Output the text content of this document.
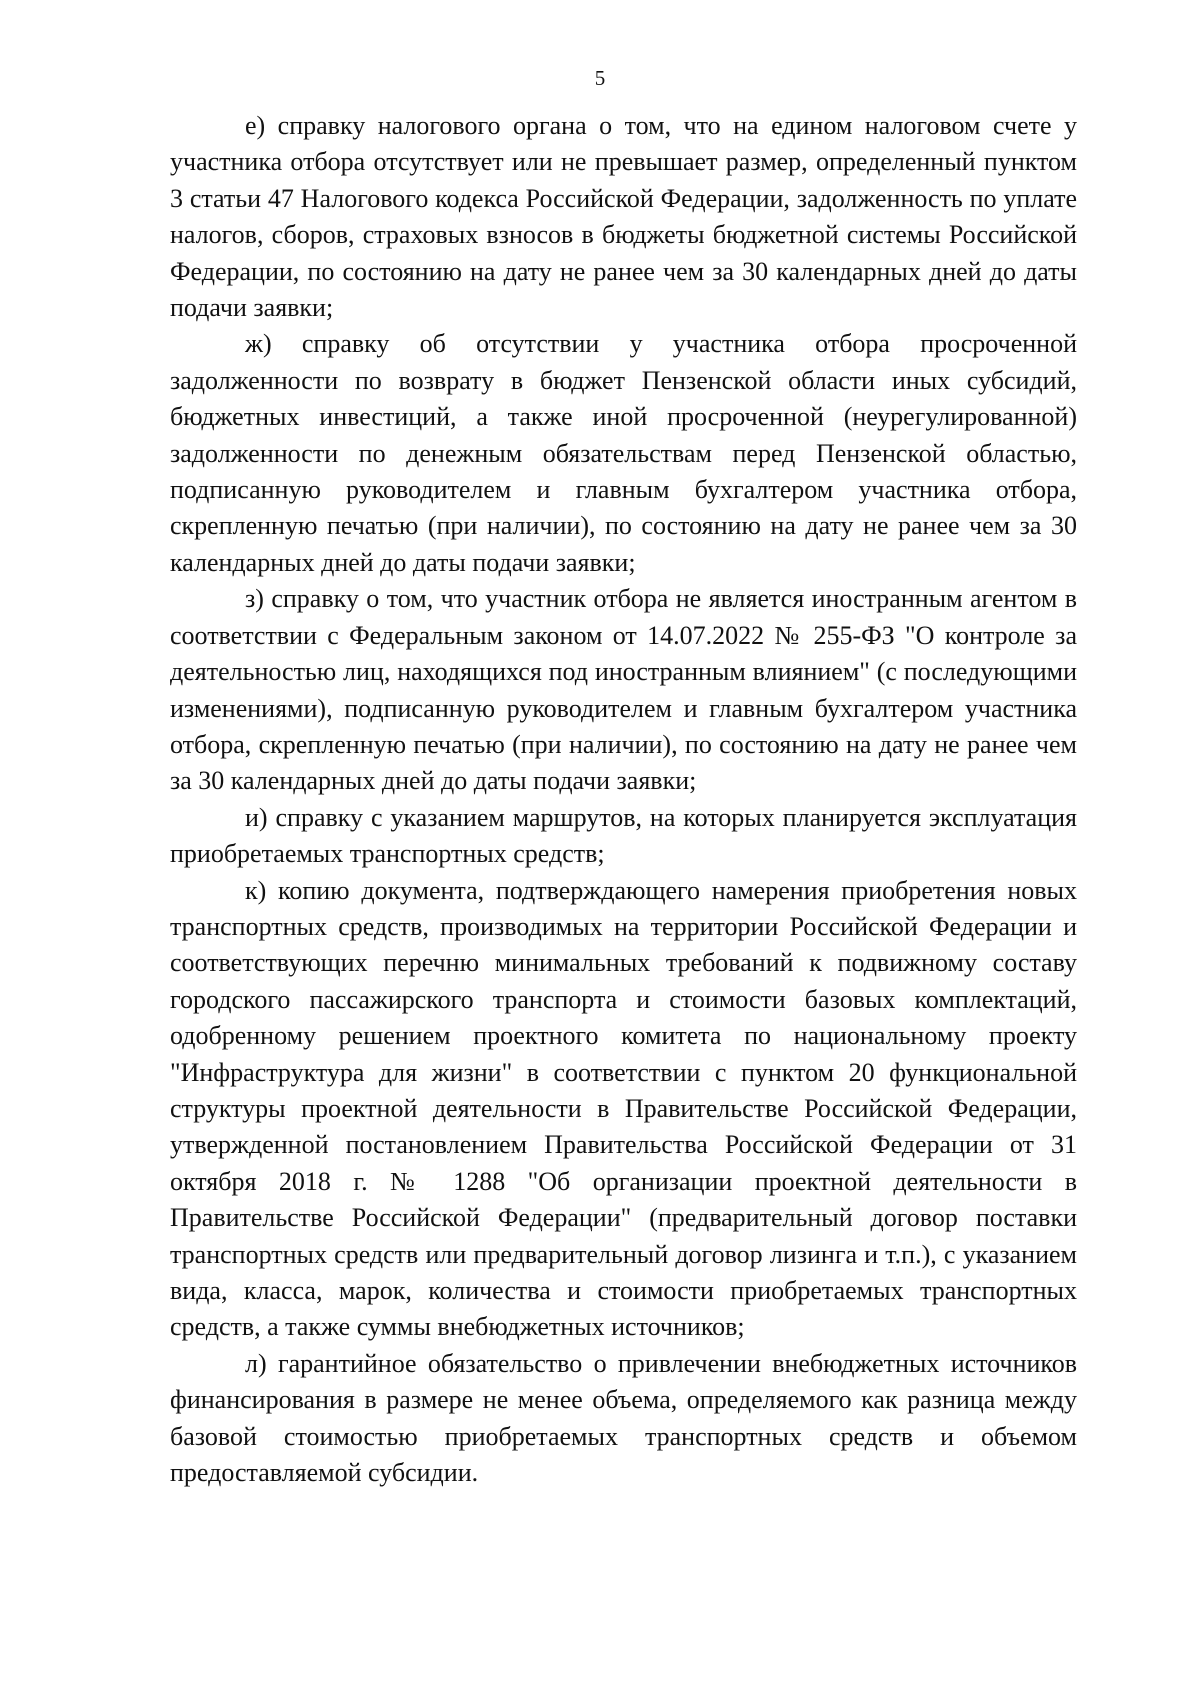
5

е) справку налогового органа о том, что на едином налоговом счете у участника отбора отсутствует или не превышает размер, определенный пунктом 3 статьи 47 Налогового кодекса Российской Федерации, задолженность по уплате налогов, сборов, страховых взносов в бюджеты бюджетной системы Российской Федерации, по состоянию на дату не ранее чем за 30 календарных дней до даты подачи заявки;

ж) справку об отсутствии у участника отбора просроченной задолженности по возврату в бюджет Пензенской области иных субсидий, бюджетных инвестиций, а также иной просроченной (неурегулированной) задолженности по денежным обязательствам перед Пензенской областью, подписанную руководителем и главным бухгалтером участника отбора, скрепленную печатью (при наличии), по состоянию на дату не ранее чем за 30 календарных дней до даты подачи заявки;

з) справку о том, что участник отбора не является иностранным агентом в соответствии с Федеральным законом от 14.07.2022 № 255-ФЗ "О контроле за деятельностью лиц, находящихся под иностранным влиянием" (с последующими изменениями), подписанную руководителем и главным бухгалтером участника отбора, скрепленную печатью (при наличии), по состоянию на дату не ранее чем за 30 календарных дней до даты подачи заявки;

и) справку с указанием маршрутов, на которых планируется эксплуатация приобретаемых транспортных средств;

к) копию документа, подтверждающего намерения приобретения новых транспортных средств, производимых на территории Российской Федерации и соответствующих перечню минимальных требований к подвижному составу городского пассажирского транспорта и стоимости базовых комплектаций, одобренному решением проектного комитета по национальному проекту "Инфраструктура для жизни" в соответствии с пунктом 20 функциональной структуры проектной деятельности в Правительстве Российской Федерации, утвержденной постановлением Правительства Российской Федерации от 31 октября 2018 г. № 1288 "Об организации проектной деятельности в Правительстве Российской Федерации" (предварительный договор поставки транспортных средств или предварительный договор лизинга и т.п.), с указанием вида, класса, марок, количества и стоимости приобретаемых транспортных средств, а также суммы внебюджетных источников;

л) гарантийное обязательство о привлечении внебюджетных источников финансирования в размере не менее объема, определяемого как разница между базовой стоимостью приобретаемых транспортных средств и объемом предоставляемой субсидии.
